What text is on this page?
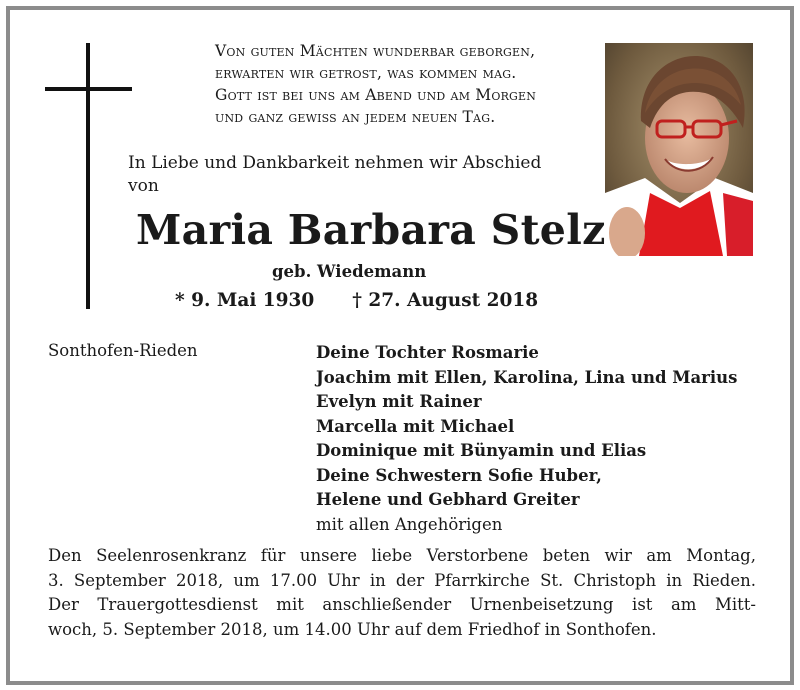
Von guten Mächten wunderbar geborgen,
erwarten wir getrost, was kommen mag.
Gott ist bei uns am Abend und am Morgen
und ganz gewiss an jedem neuen Tag.
In Liebe und Dankbarkeit nehmen wir Abschied
von
Maria Barbara Stelz
geb. Wiedemann
* 9. Mai 1930 † 27. August 2018
Sonthofen-Rieden	Deine Tochter Rosmarie
Joachim mit Ellen, Karolina, Lina und Marius
Evelyn mit Rainer
Marcella mit Michael
Dominique mit Bünyamin und Elias
Deine Schwestern Sofie Huber,
Helene und Gebhard Greiter
mit allen Angehörigen
Den Seelenrosenkranz für unsere liebe Verstorbene beten wir am Montag,
3. September 2018, um 17.00 Uhr in der Pfarrkirche St. Christoph in Rieden.
Der Trauergottesdienst mit anschließender Urnenbeisetzung ist am Mitt-
woch, 5. September 2018, um 14.00 Uhr auf dem Friedhof in Sonthofen.
